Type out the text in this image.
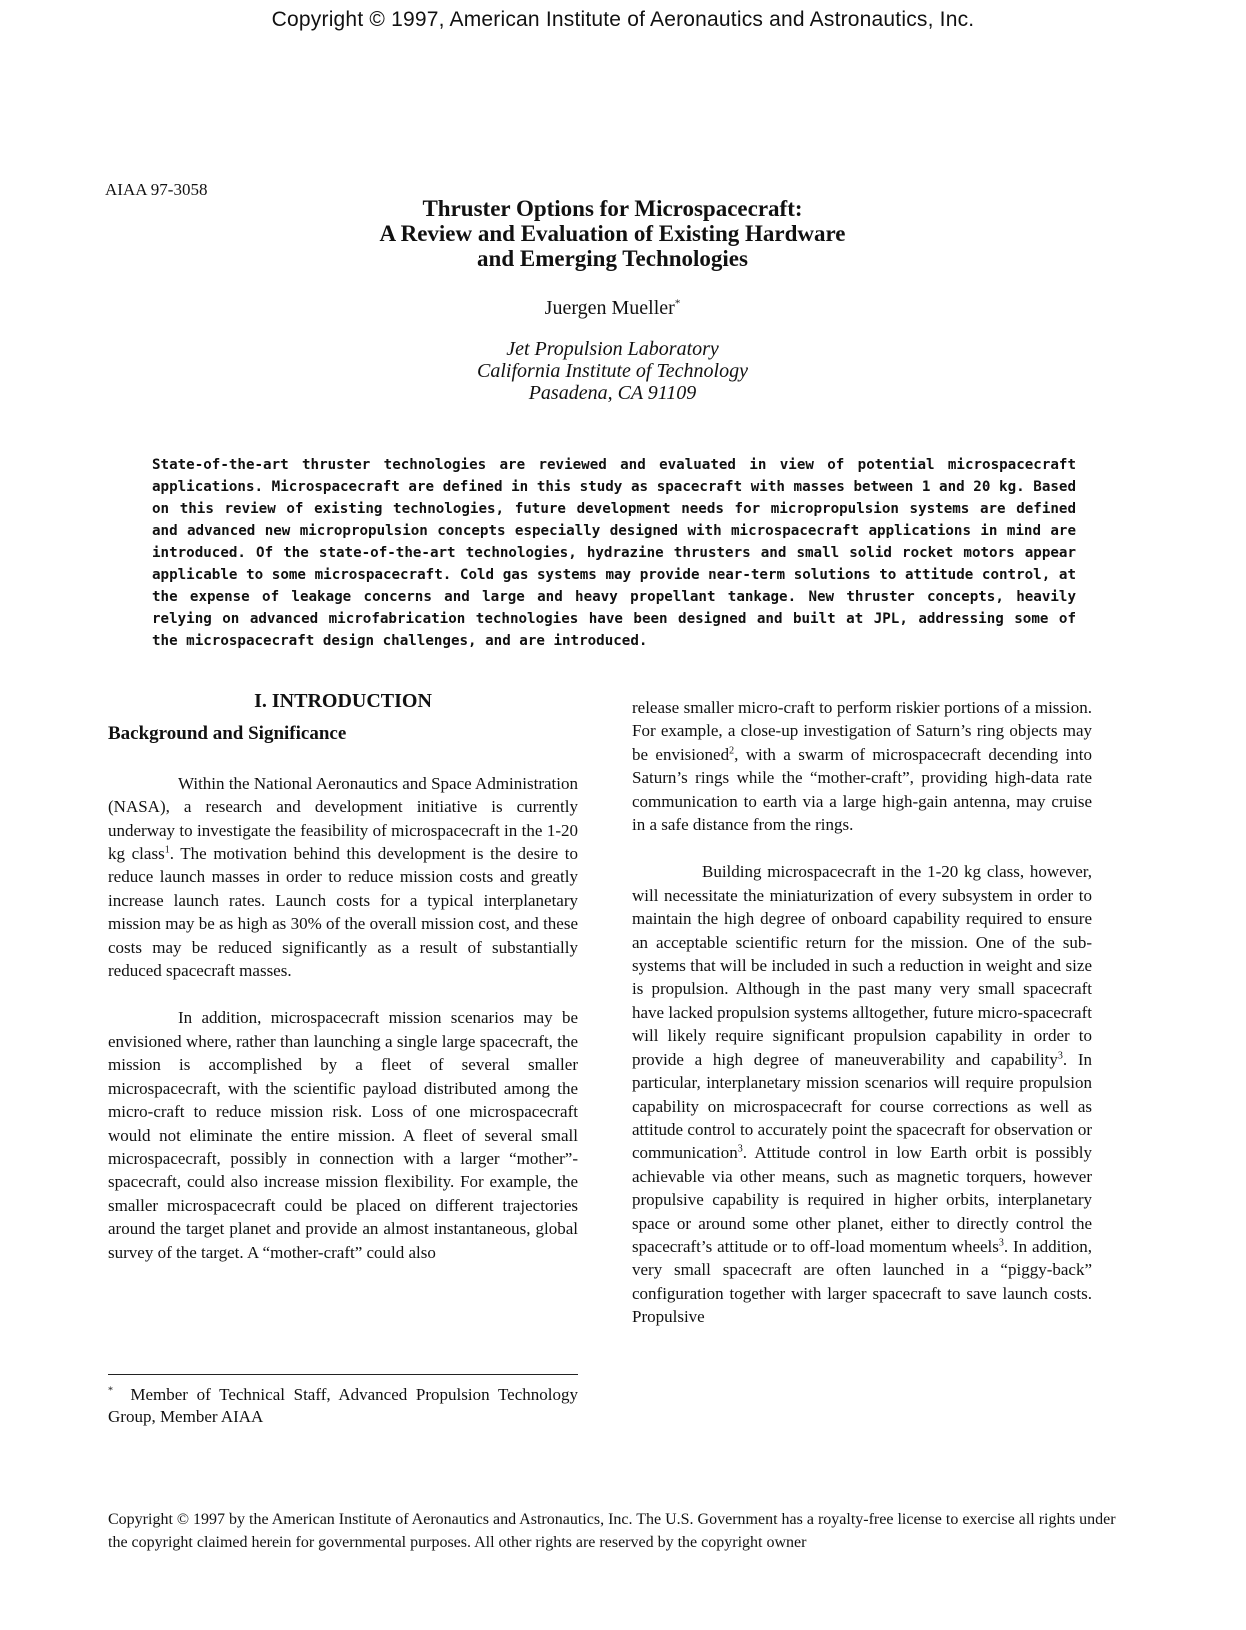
Copyright © 1997, American Institute of Aeronautics and Astronautics, Inc.
AIAA 97-3058
Thruster Options for Microspacecraft:
A Review and Evaluation of Existing Hardware
and Emerging Technologies
Juergen Mueller*
Jet Propulsion Laboratory
California Institute of Technology
Pasadena, CA 91109

State-of-the-art thruster technologies are reviewed and evaluated in view of potential microspacecraft applications. Microspacecraft are defined in this study as spacecraft with masses between 1 and 20 kg. Based on this review of existing technologies, future development needs for micropropulsion systems are defined and advanced new micropropulsion concepts especially designed with microspacecraft applications in mind are introduced. Of the state-of-the-art technologies, hydrazine thrusters and small solid rocket motors appear applicable to some microspacecraft. Cold gas systems may provide near-term solutions to attitude control, at the expense of leakage concerns and large and heavy propellant tankage. New thruster concepts, heavily relying on advanced microfabrication technologies have been designed and built at JPL, addressing some of the microspacecraft design challenges, and are introduced.

I. INTRODUCTION
Background and Significance

Within the National Aeronautics and Space Administration (NASA), a research and development initiative is currently underway to investigate the feasibility of microspacecraft in the 1-20 kg class$^1$. The motivation behind this development is the desire to reduce launch masses in order to reduce mission costs and greatly increase launch rates. Launch costs for a typical interplanetary mission may be as high as 30% of the overall mission cost, and these costs may be reduced significantly as a result of substantially reduced spacecraft masses.

In addition, microspacecraft mission scenarios may be envisioned where, rather than launching a single large spacecraft, the mission is accomplished by a fleet of several smaller microspacecraft, with the scientific payload distributed among the micro-craft to reduce mission risk. Loss of one microspacecraft would not eliminate the entire mission. A fleet of several small microspacecraft, possibly in connection with a larger “mother”-spacecraft, could also increase mission flexibility. For example, the smaller microspacecraft could be placed on different trajectories around the target planet and provide an almost instantaneous, global survey of the target. A “mother-craft” could also

release smaller micro-craft to perform riskier portions of a mission. For example, a close-up investigation of Saturn’s ring objects may be envisioned$^2$, with a swarm of microspacecraft decending into Saturn’s rings while the “mother-craft”, providing high-data rate communication to earth via a large high-gain antenna, may cruise in a safe distance from the rings.

Building microspacecraft in the 1-20 kg class, however, will necessitate the miniaturization of every subsystem in order to maintain the high degree of onboard capability required to ensure an acceptable scientific return for the mission. One of the sub-systems that will be included in such a reduction in weight and size is propulsion. Although in the past many very small spacecraft have lacked propulsion systems alltogether, future micro-spacecraft will likely require significant propulsion capability in order to provide a high degree of maneuverability and capability$^3$. In particular, interplanetary mission scenarios will require propulsion capability on microspacecraft for course corrections as well as attitude control to accurately point the spacecraft for observation or communication$^3$. Attitude control in low Earth orbit is possibly achievable via other means, such as magnetic torquers, however propulsive capability is required in higher orbits, interplanetary space or around some other planet, either to directly control the spacecraft’s attitude or to off-load momentum wheels$^3$. In addition, very small spacecraft are often launched in a “piggy-back” configuration together with larger spacecraft to save launch costs. Propulsive

* Member of Technical Staff, Advanced Propulsion Technology Group, Member AIAA
Copyright © 1997 by the American Institute of Aeronautics and Astronautics, Inc. The U.S. Government has a royalty-free license to exercise all rights under the copyright claimed herein for governmental purposes. All other rights are reserved by the copyright owner
